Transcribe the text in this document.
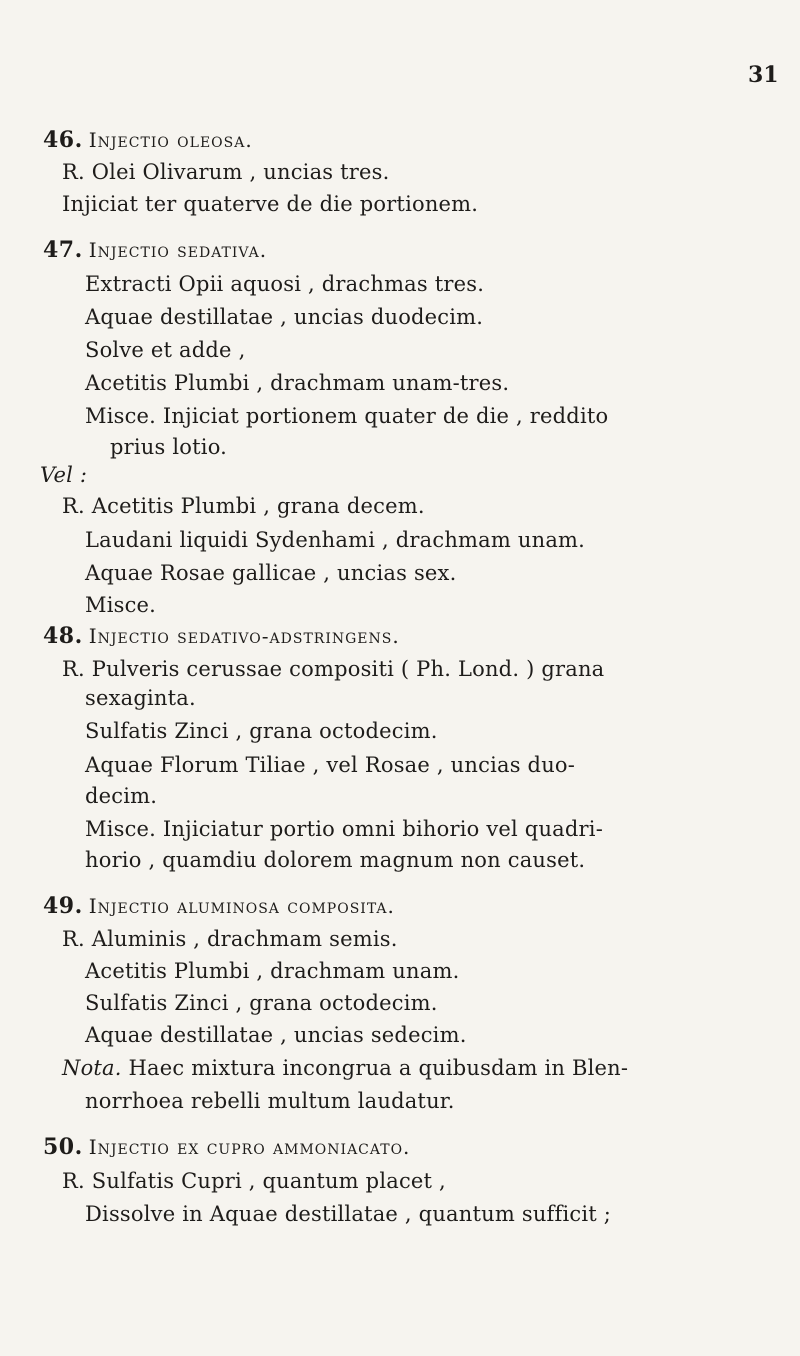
31
46. Injectio oleosa.
R. Olei Olivarum , uncias tres.
Injiciat ter quaterve de die portionem.
47. Injectio sedativa.
Extracti Opii aquosi , drachmas tres.
Aquae destillatae , uncias duodecim.
Solve et adde ,
Acetitis Plumbi , drachmam unam-tres.
Misce. Injiciat portionem quater de die , reddito
prius lotio.
Vel :
R. Acetitis Plumbi , grana decem.
Laudani liquidi Sydenhami , drachmam unam.
Aquae Rosae gallicae , uncias sex.
Misce.
48. Injectio sedativo-adstringens.
R. Pulveris cerussae compositi ( Ph. Lond. ) grana
sexaginta.
Sulfatis Zinci , grana octodecim.
Aquae Florum Tiliae , vel Rosae , uncias duo-
decim.
Misce. Injiciatur portio omni bihorio vel quadri-
horio , quamdiu dolorem magnum non causet.
49. Injectio aluminosa composita.
R. Aluminis , drachmam semis.
Acetitis Plumbi , drachmam unam.
Sulfatis Zinci , grana octodecim.
Aquae destillatae , uncias sedecim.
Nota. Haec mixtura incongrua a quibusdam in Blen-
norrhoea rebelli multum laudatur.
50. Injectio ex cupro ammoniacato.
R. Sulfatis Cupri , quantum placet ,
Dissolve in Aquae destillatae , quantum sufficit ;
